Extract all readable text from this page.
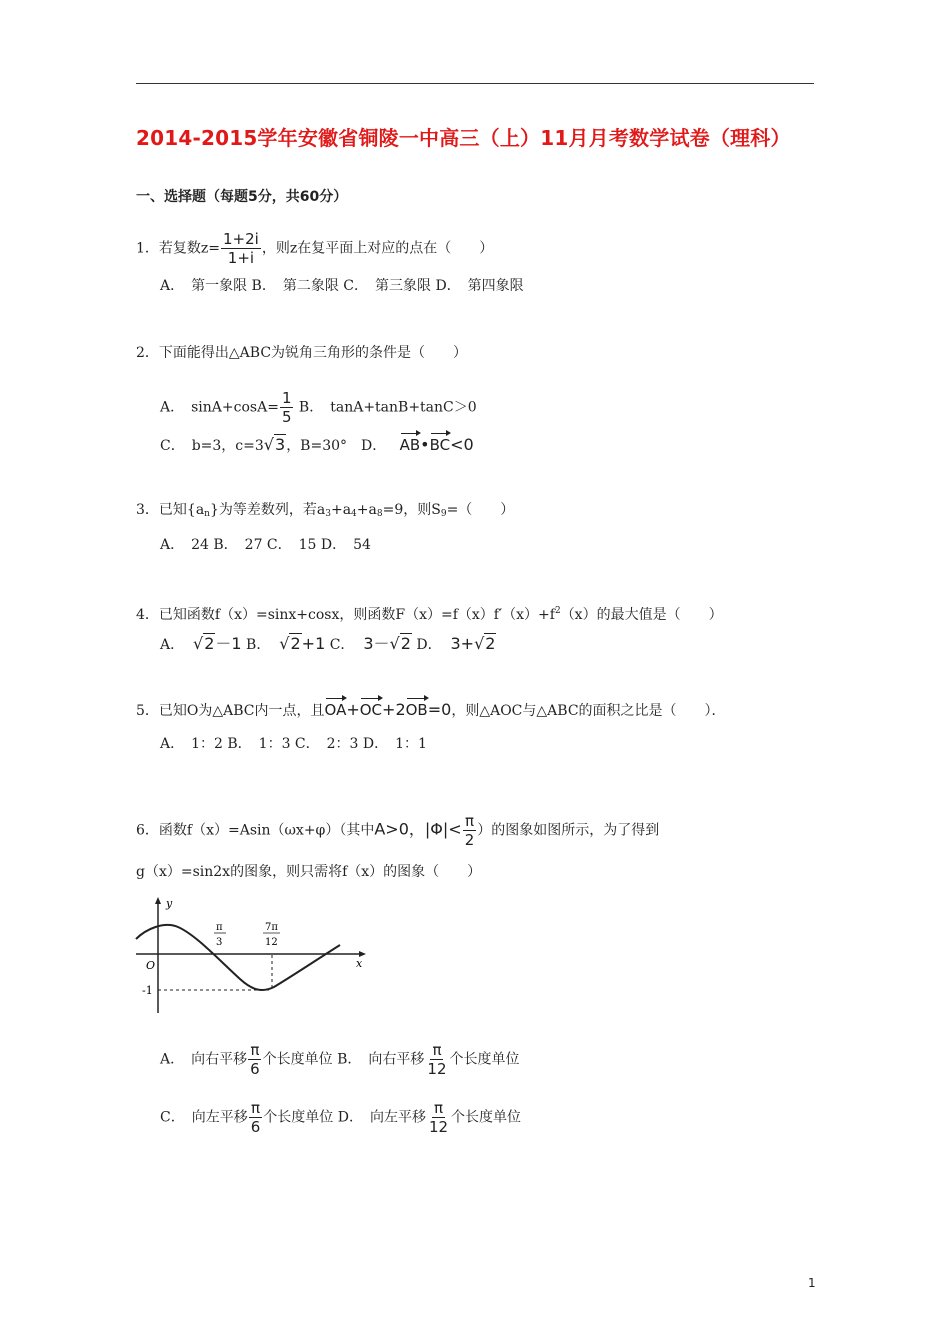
2014-2015学年安徽省铜陵一中高三（上）11月月考数学试卷（理科）
一、选择题（每题5分，共60分）
1．若复数$z= \frac{1+2i}{1+i}$ ，则z在复平面上对应的点在（　　）
A．　第一象限 B．　第二象限 C．　第三象限 D．　第四象限
2．下面能得出△ABC为锐角三角形的条件是（　　）
A．　$\sin A+\cos A= \frac{1}{5}$ B．　tanA+tanB+tanC＞0
C．　b=3，c=3√3，B=30°　D． AB•BC<0
3．已知$\{a_n\}$为等差数列，若$a_3+a_4+a_8=9$，则$S_9=$（　　）
A．　24 B．　27 C．　15 D．　54
4．已知函数f（x）=sinx+cosx，则函数$F(x)=f(x)f'(x)+f^2(x)$的最大值是（　　）
A． √2－1 B． √2+1 C． 3－√2 D． 3+√2
5．已知O为△ABC内一点，且OA+OC+2OB=0，则△AOC与△ABC的面积之比是（　　）．
A．　1：2 B．　1：3 C．　2：3 D．　1：1
6．函数f（x）=Asin（ωx+φ）（其中A>0，$|\Phi|< \frac{\pi}{2}$ ）的图象如图所示，为了得到
g（x）=sin2x的图象，则只需将f（x）的图象（　　）
y
x
O
-1
π
3
7π
12
A．　向右平移 $\frac{\pi}{6}$ 个长度单位 B．　向右平移 $\frac{\pi}{12}$ 个长度单位
C．　向左平移 $\frac{\pi}{6}$ 个长度单位 D．　向左平移 $\frac{\pi}{12}$ 个长度单位
1
